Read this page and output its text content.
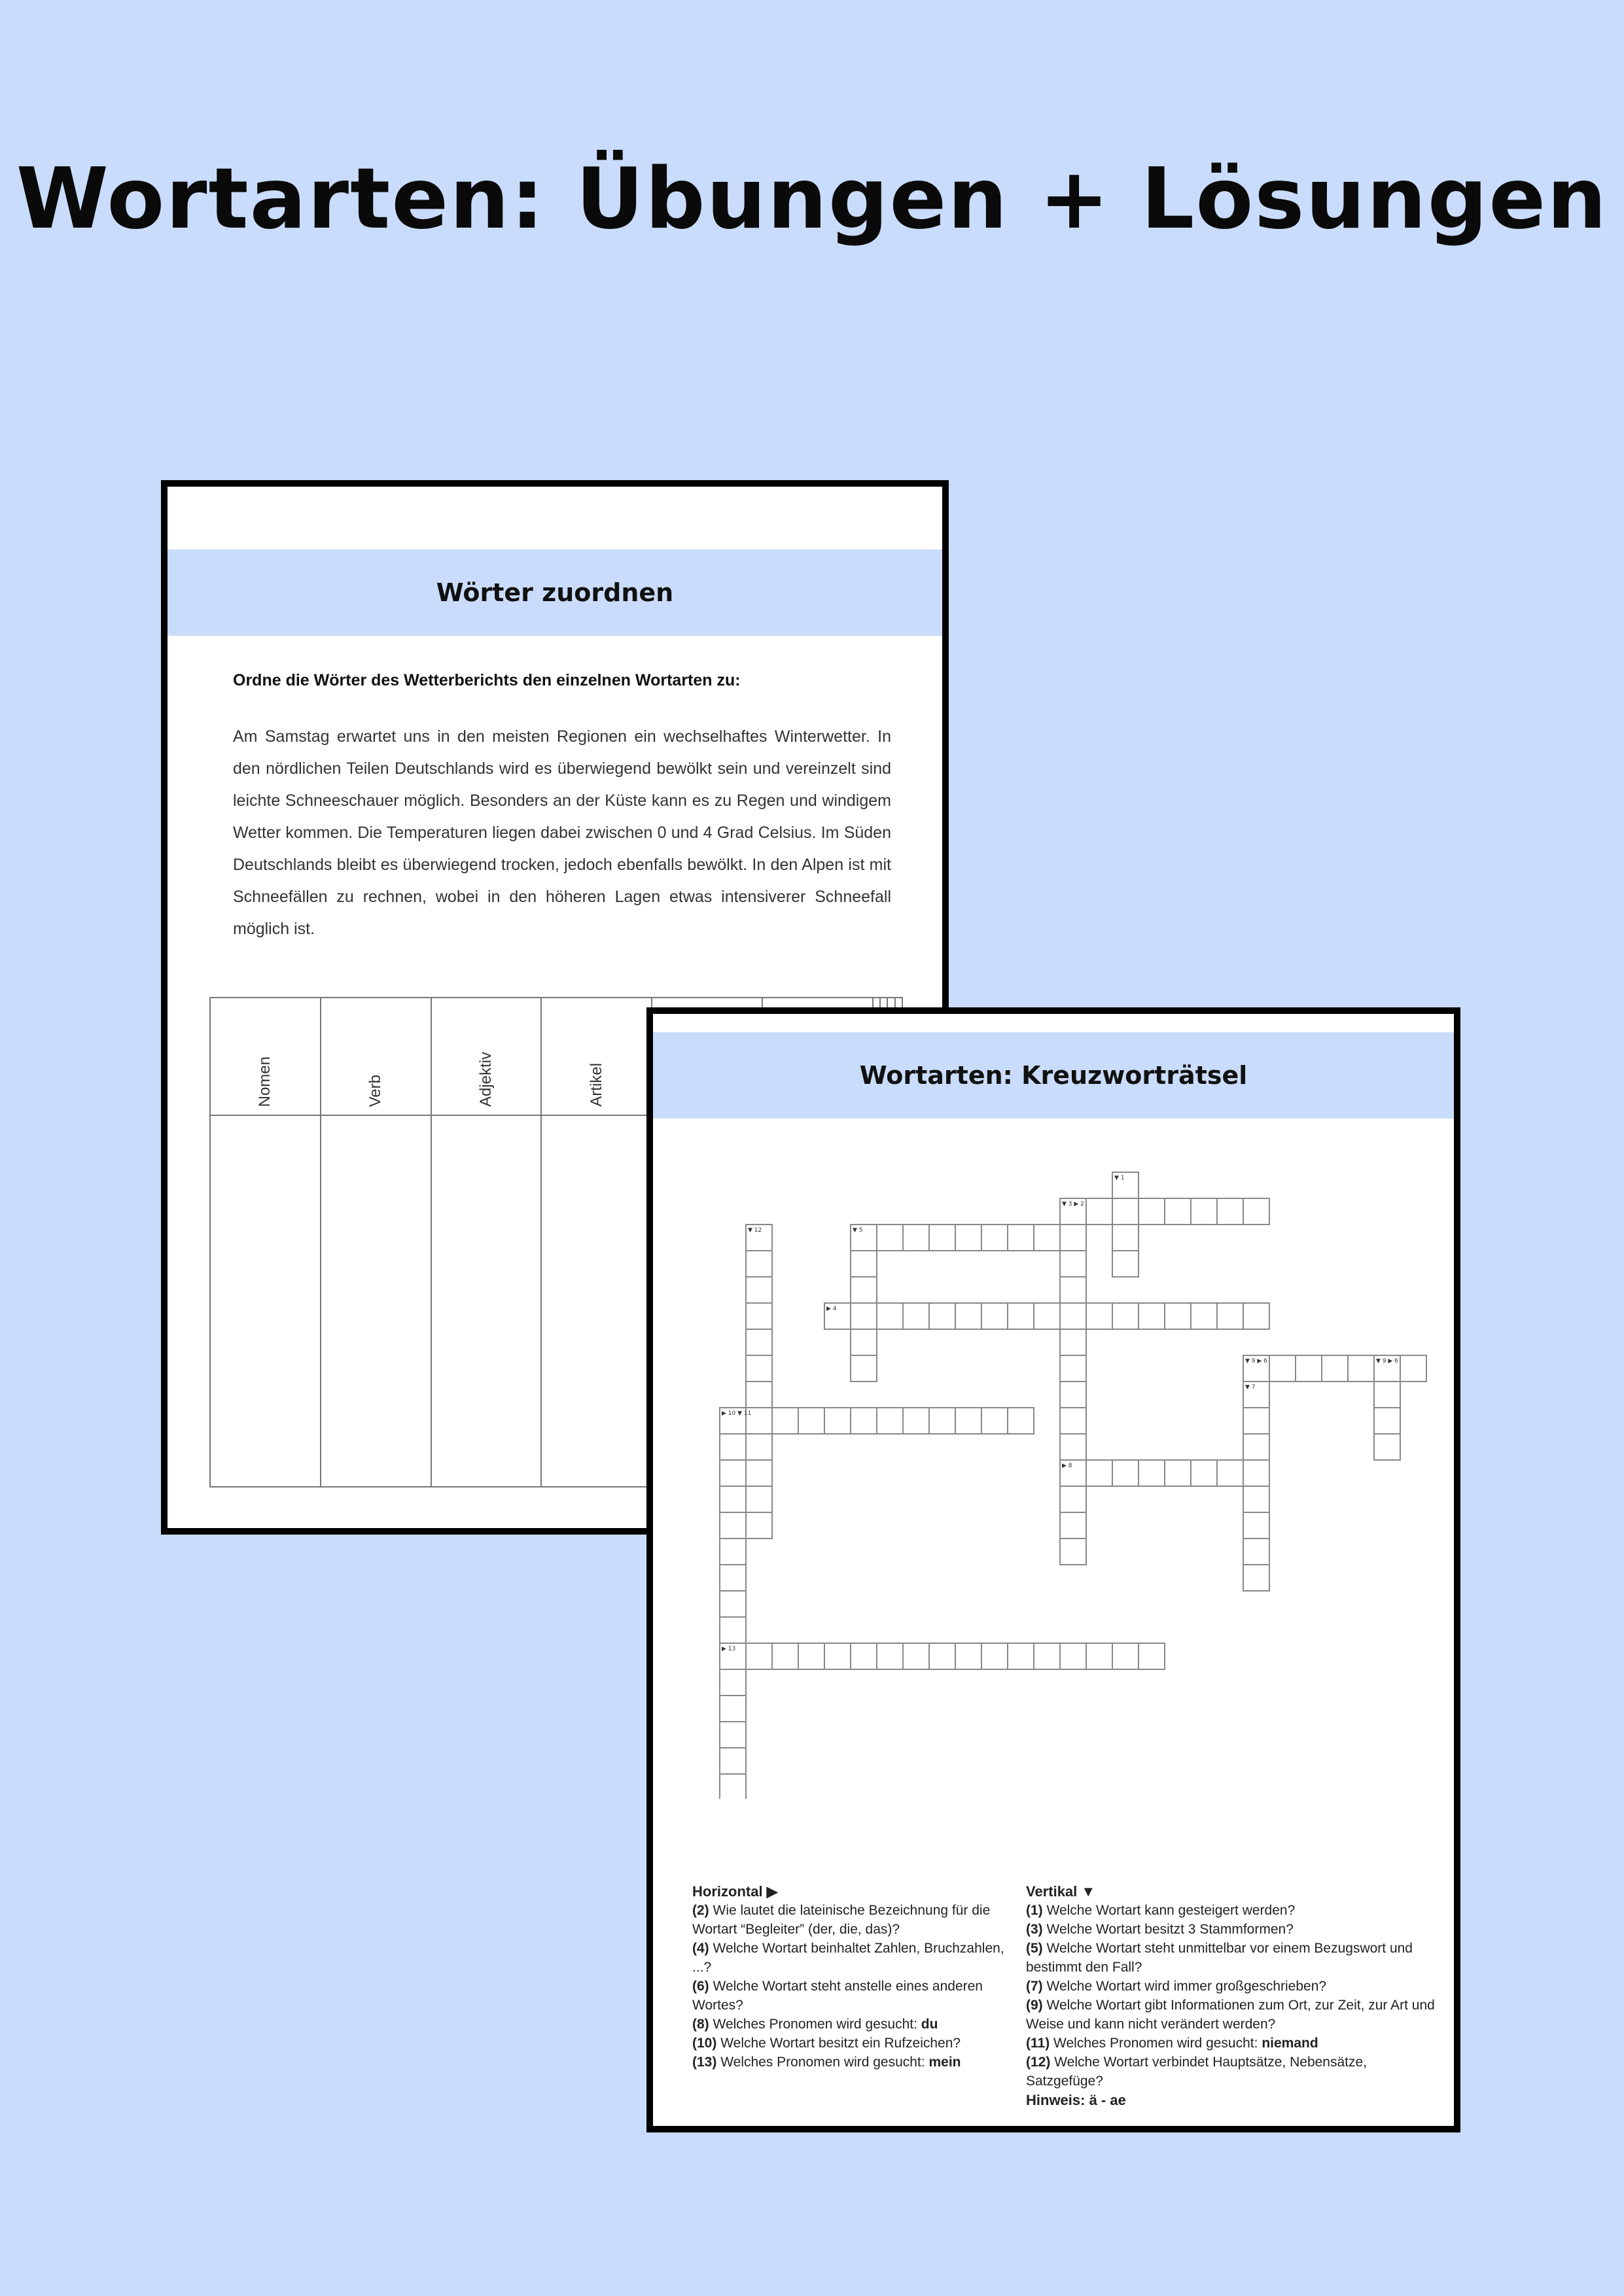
Wortarten: Übungen + Lösungen
Wörter zuordnen
Ordne die Wörter des Wetterberichts den einzelnen Wortarten zu:
Am Samstag erwartet uns in den meisten Regionen ein wechselhaftes Winterwetter. In den nördlichen Teilen Deutschlands wird es überwiegend bewölkt sein und vereinzelt sind leichte Schneeschauer möglich. Besonders an der Küste kann es zu Regen und windigem Wetter kommen. Die Temperaturen liegen dabei zwischen 0 und 4 Grad Celsius. Im Süden Deutschlands bleibt es überwiegend trocken, jedoch ebenfalls bewölkt. In den Alpen ist mit Schneefällen zu rechnen, wobei in den höheren Lagen etwas intensiverer Schneefall möglich ist.
Nomen	Verb	Adjektiv	Artikel

										Wortarten: Kreuzworträtsel
▼ 1
▼ 3 ▶ 2
▼ 12	▼ 5
▶ 4
▼ 7
▼ 9 ▶ 6	▼ 9 ▶ 6
▶ 10 ▼ 11
▶ 8
▶ 13
Horizontal ▶
(2) Wie lautet die lateinische Bezeichnung für die Wortart “Begleiter” (der, die, das)?
(4) Welche Wortart beinhaltet Zahlen, Bruchzahlen, ...?
(6) Welche Wortart steht anstelle eines anderen Wortes?
(8) Welches Pronomen wird gesucht: du
(10) Welche Wortart besitzt ein Rufzeichen?
(13) Welches Pronomen wird gesucht: mein
Vertikal ▼
(1) Welche Wortart kann gesteigert werden?
(3) Welche Wortart besitzt 3 Stammformen?
(5) Welche Wortart steht unmittelbar vor einem Bezugswort und bestimmt den Fall?
(7) Welche Wortart wird immer großgeschrieben?
(9) Welche Wortart gibt Informationen zum Ort, zur Zeit, zur Art und Weise und kann nicht verändert werden?
(11) Welches Pronomen wird gesucht: niemand
(12) Welche Wortart verbindet Hauptsätze, Nebensätze, Satzgefüge?
Hinweis: ä - ae
